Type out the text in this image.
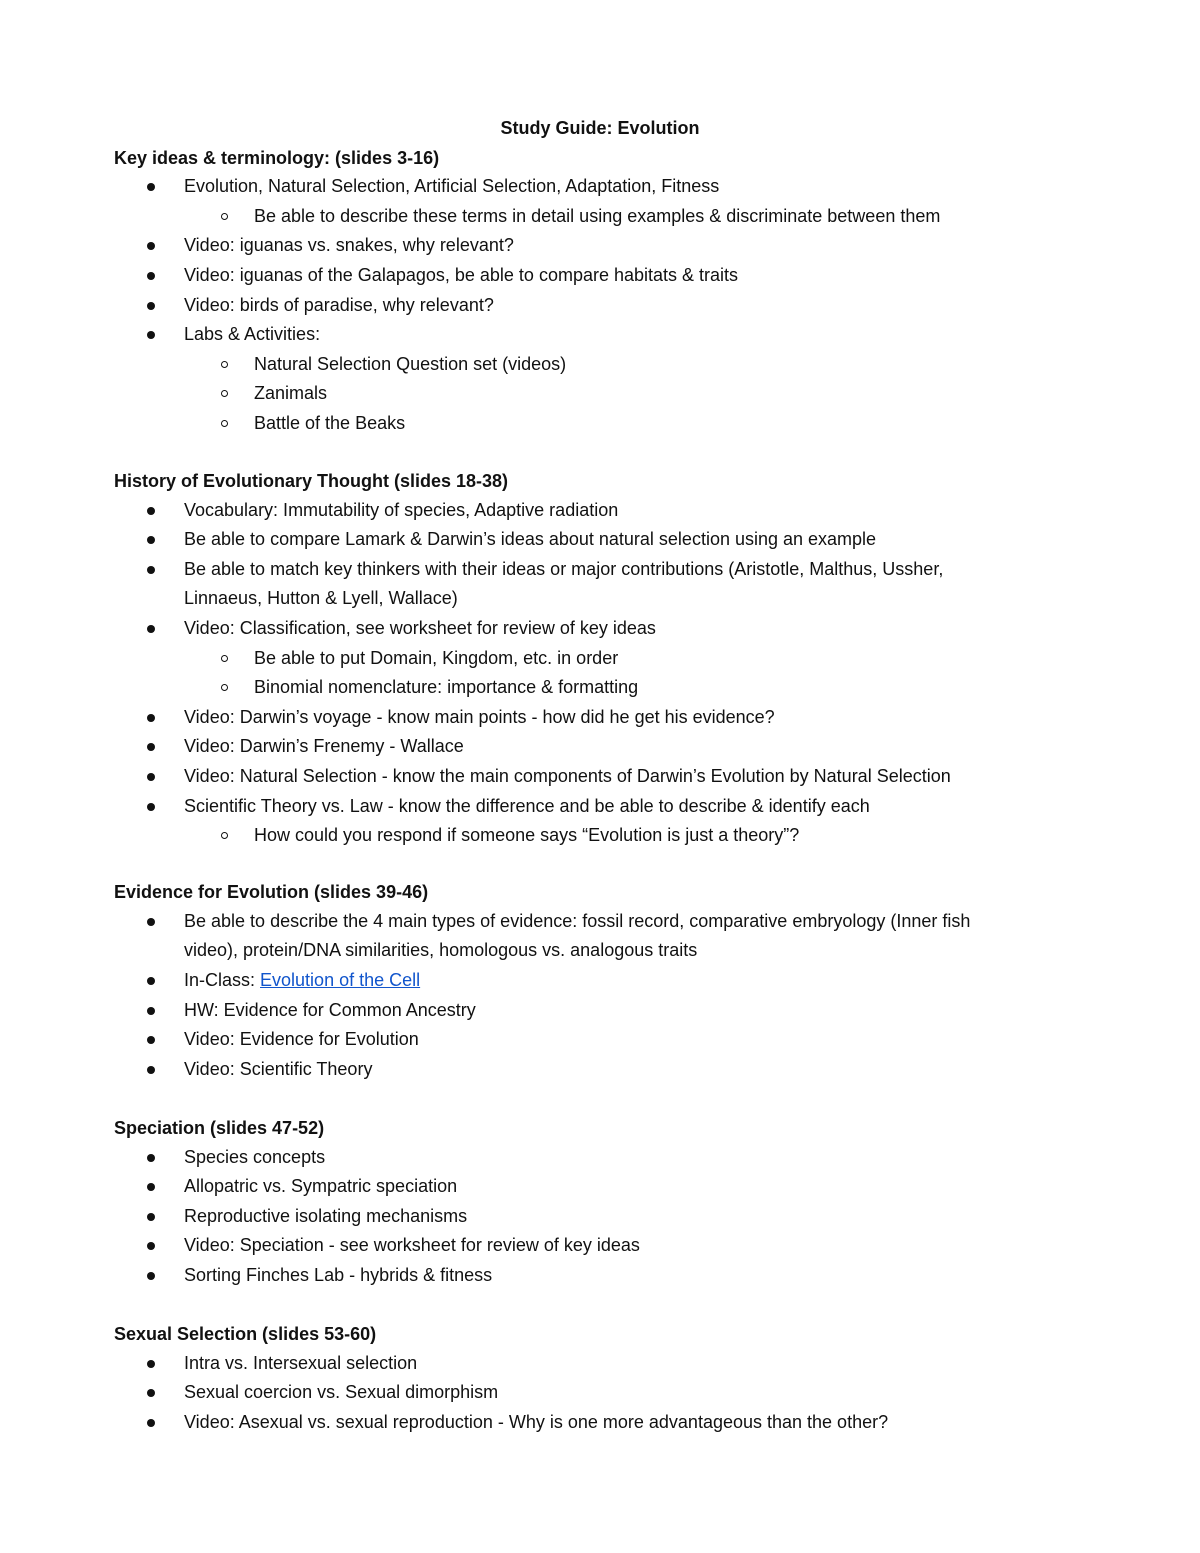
Study Guide: Evolution
Key ideas & terminology: (slides 3-16)
Evolution, Natural Selection, Artificial Selection, Adaptation, Fitness
Be able to describe these terms in detail using examples & discriminate between them
Video: iguanas vs. snakes, why relevant?
Video: iguanas of the Galapagos, be able to compare habitats & traits
Video: birds of paradise, why relevant?
Labs & Activities:
Natural Selection Question set (videos)
Zanimals
Battle of the Beaks
History of Evolutionary Thought (slides 18-38)
Vocabulary: Immutability of species, Adaptive radiation
Be able to compare Lamark & Darwin’s ideas about natural selection using an example
Be able to match key thinkers with their ideas or major contributions (Aristotle, Malthus, Ussher,
Linnaeus, Hutton & Lyell, Wallace)
Video: Classification, see worksheet for review of key ideas
Be able to put Domain, Kingdom, etc. in order
Binomial nomenclature: importance & formatting
Video: Darwin’s voyage - know main points - how did he get his evidence?
Video: Darwin’s Frenemy - Wallace
Video: Natural Selection - know the main components of Darwin’s Evolution by Natural Selection
Scientific Theory vs. Law - know the difference and be able to describe & identify each
How could you respond if someone says “Evolution is just a theory”?
Evidence for Evolution (slides 39-46)
Be able to describe the 4 main types of evidence: fossil record, comparative embryology (Inner fish
video), protein/DNA similarities, homologous vs. analogous traits
In-Class: Evolution of the Cell
HW: Evidence for Common Ancestry
Video: Evidence for Evolution
Video: Scientific Theory
Speciation (slides 47-52)
Species concepts
Allopatric vs. Sympatric speciation
Reproductive isolating mechanisms
Video: Speciation - see worksheet for review of key ideas
Sorting Finches Lab - hybrids & fitness
Sexual Selection (slides 53-60)
Intra vs. Intersexual selection
Sexual coercion vs. Sexual dimorphism
Video: Asexual vs. sexual reproduction - Why is one more advantageous than the other?
